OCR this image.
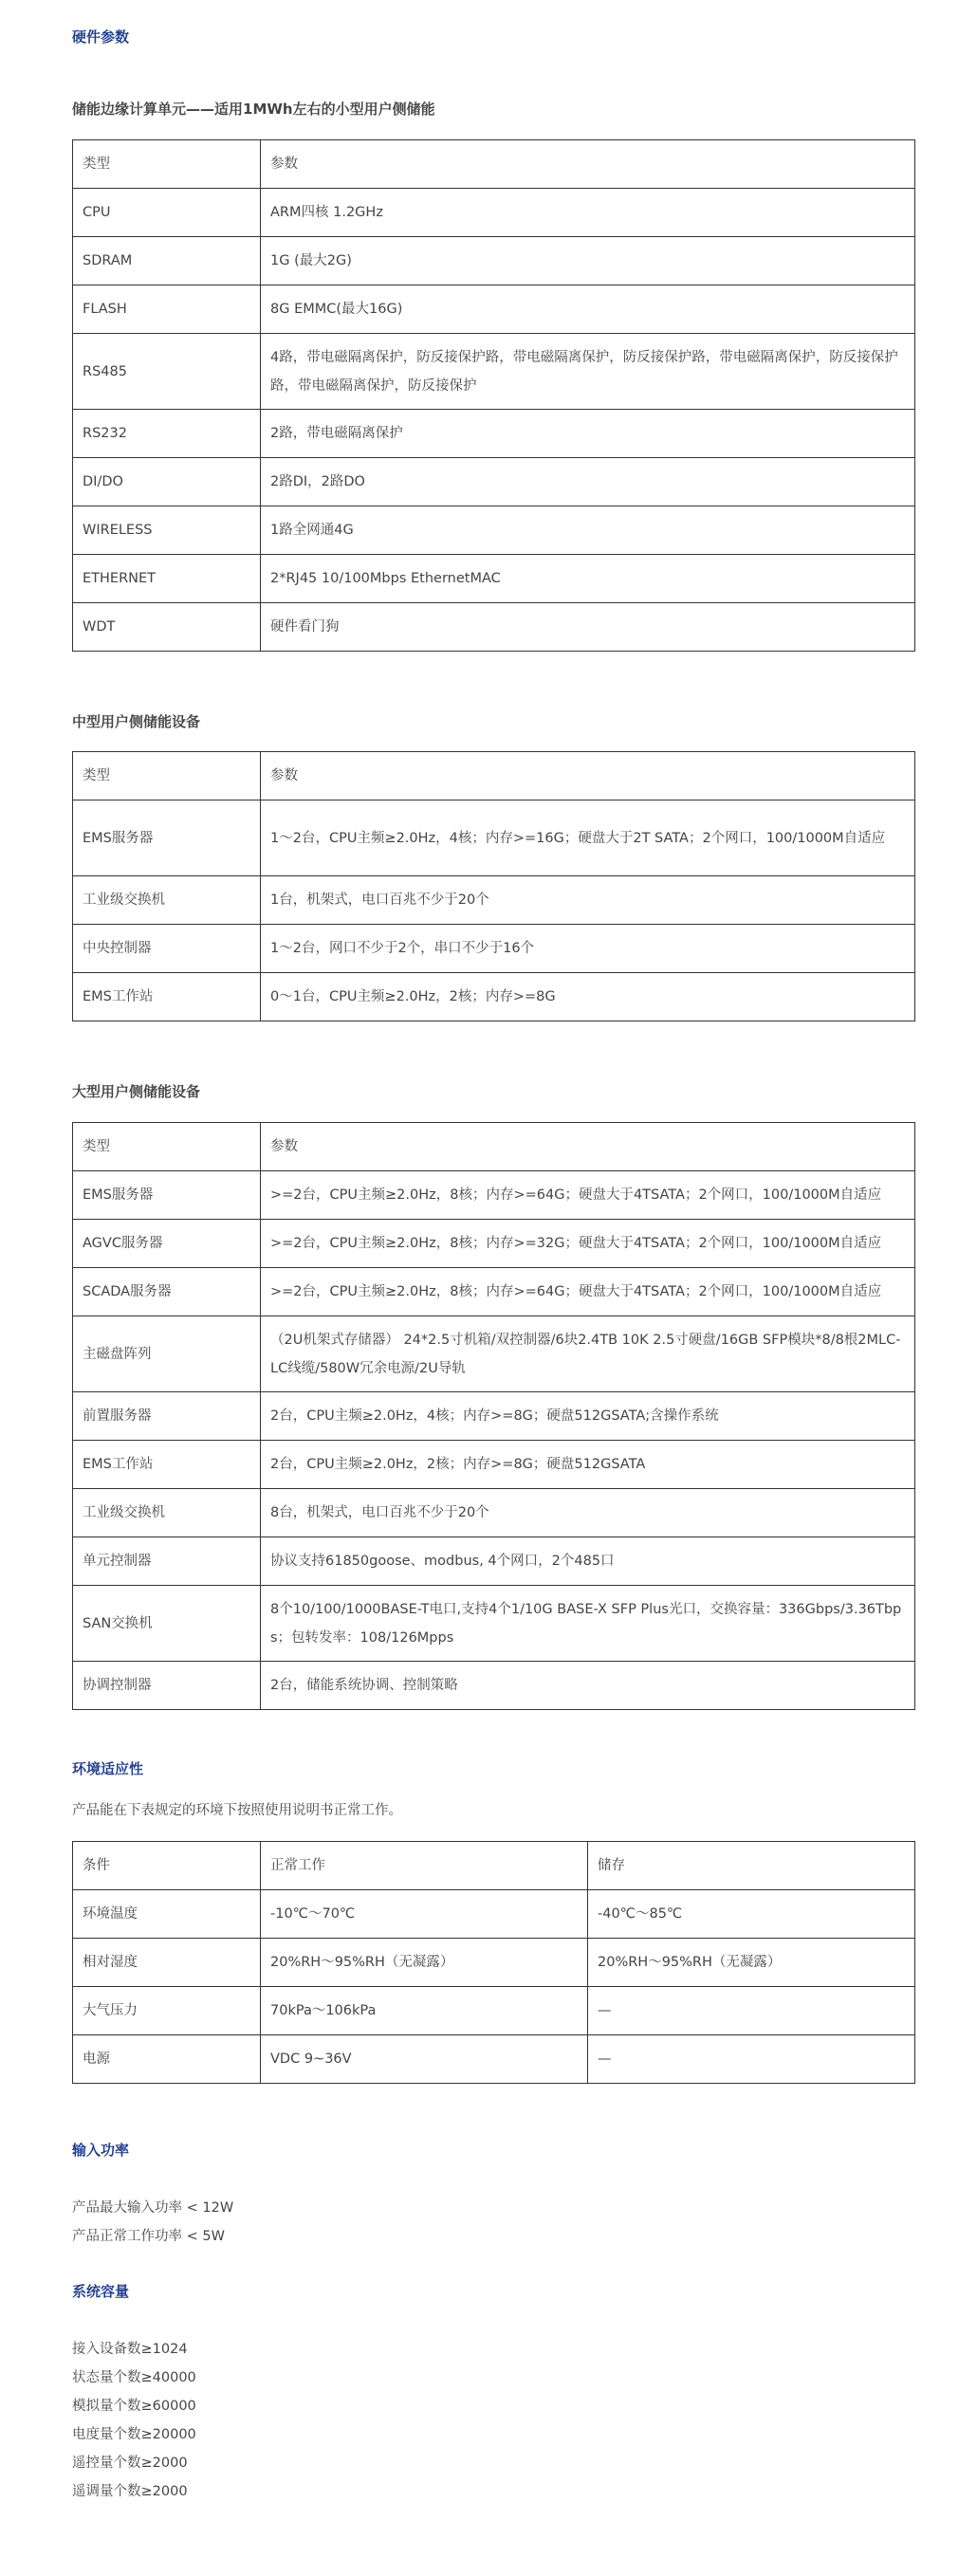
硬件参数
储能边缘计算单元——适用1MWh左右的小型用户侧储能
类型	参数
CPU	ARM四核 1.2GHz
SDRAM	1G (最大2G)
FLASH	8G EMMC(最大16G)
RS485	4路，带电磁隔离保护，防反接保护路，带电磁隔离保护，防反接保护路，带电磁隔离保护，防反接保护路，带电磁隔离保护，防反接保护
RS232	2路，带电磁隔离保护
DI/DO	2路DI，2路DO
WIRELESS	1路全网通4G
ETHERNET	2*RJ45 10/100Mbps EthernetMAC
WDT	硬件看门狗
中型用户侧储能设备
类型	参数
EMS服务器	1～2台，CPU主频≥2.0Hz，4核；内存>=16G；硬盘大于2T SATA；2个网口，100/1000M自适应
工业级交换机	1台，机架式，电口百兆不少于20个
中央控制器	1～2台，网口不少于2个，串口不少于16个
EMS工作站	0～1台，CPU主频≥2.0Hz，2核；内存>=8G
大型用户侧储能设备
类型	参数
EMS服务器	>=2台，CPU主频≥2.0Hz，8核；内存>=64G；硬盘大于4TSATA；2个网口，100/1000M自适应
AGVC服务器	>=2台，CPU主频≥2.0Hz，8核；内存>=32G；硬盘大于4TSATA；2个网口，100/1000M自适应
SCADA服务器	>=2台，CPU主频≥2.0Hz，8核；内存>=64G；硬盘大于4TSATA；2个网口，100/1000M自适应
主磁盘阵列	（2U机架式存储器） 24*2.5寸机箱/双控制器/6块2.4TB 10K 2.5寸硬盘/16GB SFP模块*8/8根2MLC-LC线缆/580W冗余电源/2U导轨
前置服务器	2台，CPU主频≥2.0Hz，4核；内存>=8G；硬盘512GSATA;含操作系统
EMS工作站	2台，CPU主频≥2.0Hz，2核；内存>=8G；硬盘512GSATA
工业级交换机	8台，机架式，电口百兆不少于20个
单元控制器	协议支持61850goose、modbus, 4个网口，2个485口
SAN交换机	8个10/100/1000BASE-T电口,支持4个1/10G BASE-X SFP Plus光口，交换容量：336Gbps/3.36Tbps；包转发率：108/126Mpps
协调控制器	2台，储能系统协调、控制策略
环境适应性

产品能在下表规定的环境下按照使用说明书正常工作。

条件	正常工作	储存
环境温度	-10℃～70℃	-40℃～85℃
相对湿度	20%RH～95%RH（无凝露）	20%RH～95%RH（无凝露）
大气压力	70kPa～106kPa	—
电源	VDC 9~36V	—
输入功率
产品最大输入功率 < 12W
产品正常工作功率 < 5W
系统容量
接入设备数≥1024
状态量个数≥40000
模拟量个数≥60000
电度量个数≥20000
遥控量个数≥2000
遥调量个数≥2000
